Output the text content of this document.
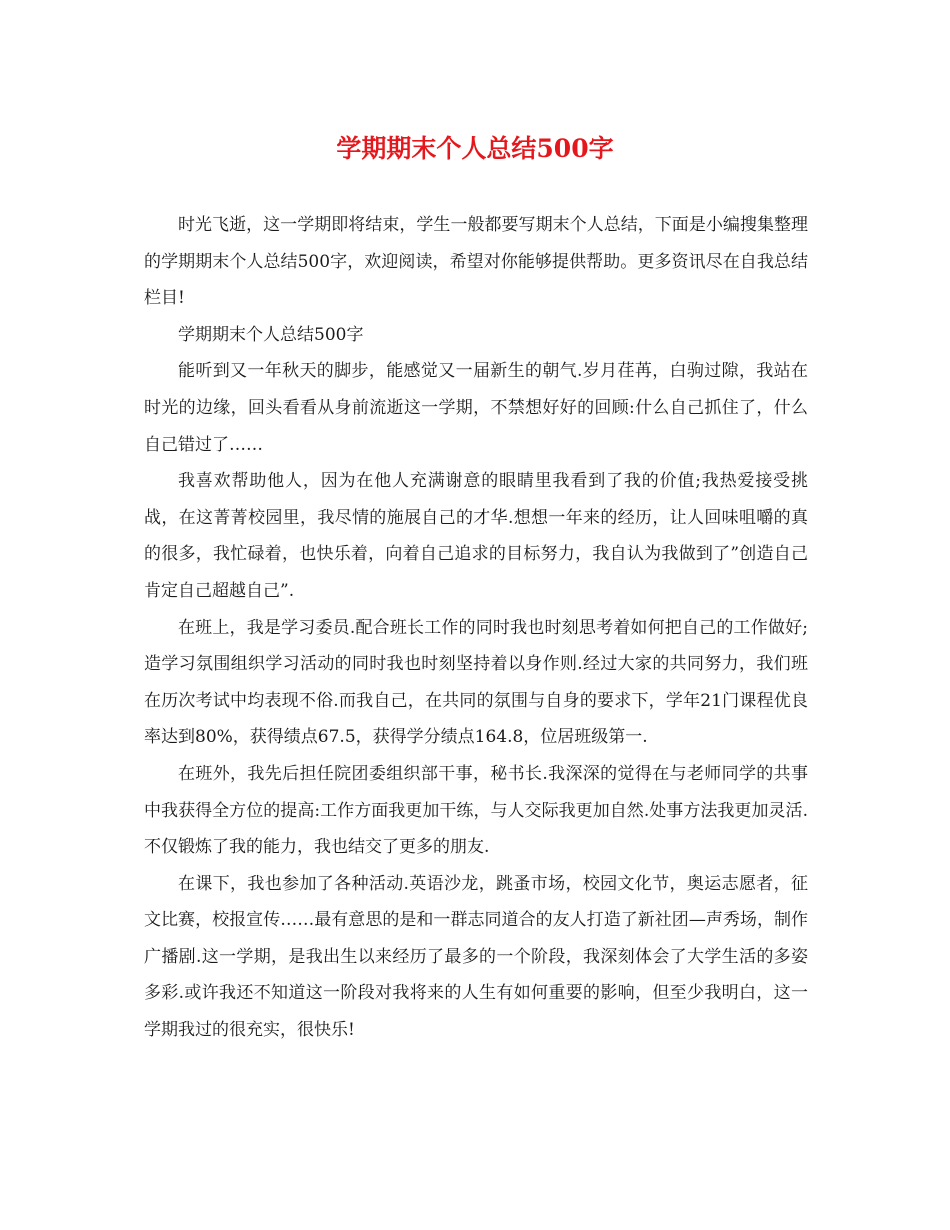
学期期末个人总结500字

时光飞逝，这一学期即将结束，学生一般都要写期末个人总结，下面是小编搜集整理的学期期末个人总结500字，欢迎阅读，希望对你能够提供帮助。更多资讯尽在自我总结栏目!

学期期末个人总结500字

能听到又一年秋天的脚步，能感觉又一届新生的朝气.岁月荏苒，白驹过隙，我站在时光的边缘，回头看看从身前流逝这一学期，不禁想好好的回顾:什么自己抓住了，什么自己错过了……

我喜欢帮助他人，因为在他人充满谢意的眼睛里我看到了我的价值;我热爱接受挑战，在这菁菁校园里，我尽情的施展自己的才华.想想一年来的经历，让人回味咀嚼的真的很多，我忙碌着，也快乐着，向着自己追求的目标努力，我自认为我做到了”创造自己肯定自己超越自己”.

在班上，我是学习委员.配合班长工作的同时我也时刻思考着如何把自己的工作做好;造学习氛围组织学习活动的同时我也时刻坚持着以身作则.经过大家的共同努力，我们班在历次考试中均表现不俗.而我自己，在共同的氛围与自身的要求下，学年21门课程优良率达到80%，获得绩点67.5，获得学分绩点164.8，位居班级第一.

在班外，我先后担任院团委组织部干事，秘书长.我深深的觉得在与老师同学的共事中我获得全方位的提高:工作方面我更加干练，与人交际我更加自然.处事方法我更加灵活.不仅锻炼了我的能力，我也结交了更多的朋友.

在课下，我也参加了各种活动.英语沙龙，跳蚤市场，校园文化节，奥运志愿者，征文比赛，校报宣传……最有意思的是和一群志同道合的友人打造了新社团—声秀场，制作广播剧.这一学期，是我出生以来经历了最多的一个阶段，我深刻体会了大学生活的多姿多彩.或许我还不知道这一阶段对我将来的人生有如何重要的影响，但至少我明白，这一学期我过的很充实，很快乐!
